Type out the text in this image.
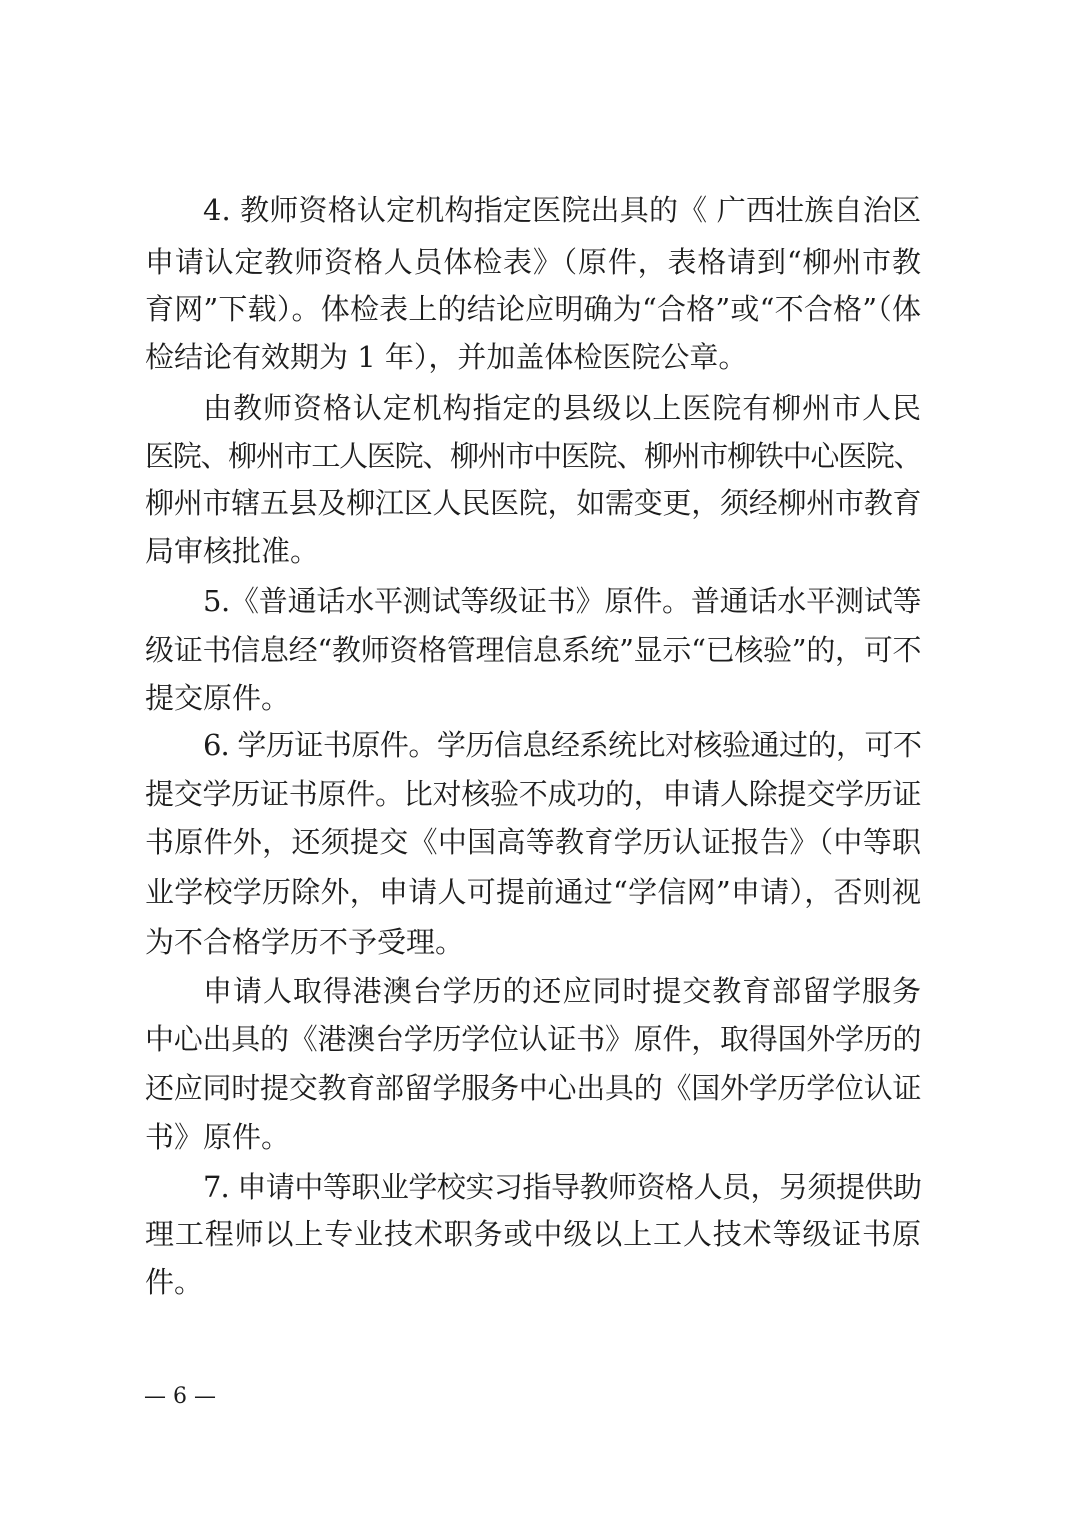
4. 教师资格认定机构指定医院出具的《 广西壮族自治区
申请认定教师资格人员体检表》（原件，表格请到“柳州市教
育网”下载）。体检表上的结论应明确为“合格”或“不合格”（体
检结论有效期为 1 年），并加盖体检医院公章。
由教师资格认定机构指定的县级以上医院有柳州市人民
医院、柳州市工人医院、柳州市中医院、柳州市柳铁中心医院、
柳州市辖五县及柳江区人民医院，如需变更，须经柳州市教育
局审核批准。
5.《普通话水平测试等级证书》原件。普通话水平测试等
级证书信息经“教师资格管理信息系统”显示“已核验”的，可不
提交原件。
6. 学历证书原件。学历信息经系统比对核验通过的，可不
提交学历证书原件。比对核验不成功的，申请人除提交学历证
书原件外，还须提交《中国高等教育学历认证报告》（中等职
业学校学历除外，申请人可提前通过“学信网”申请），否则视
为不合格学历不予受理。
申请人取得港澳台学历的还应同时提交教育部留学服务
中心出具的《港澳台学历学位认证书》原件，取得国外学历的
还应同时提交教育部留学服务中心出具的《国外学历学位认证
书》原件。
7. 申请中等职业学校实习指导教师资格人员，另须提供助
理工程师以上专业技术职务或中级以上工人技术等级证书原
件。
— 6 —
